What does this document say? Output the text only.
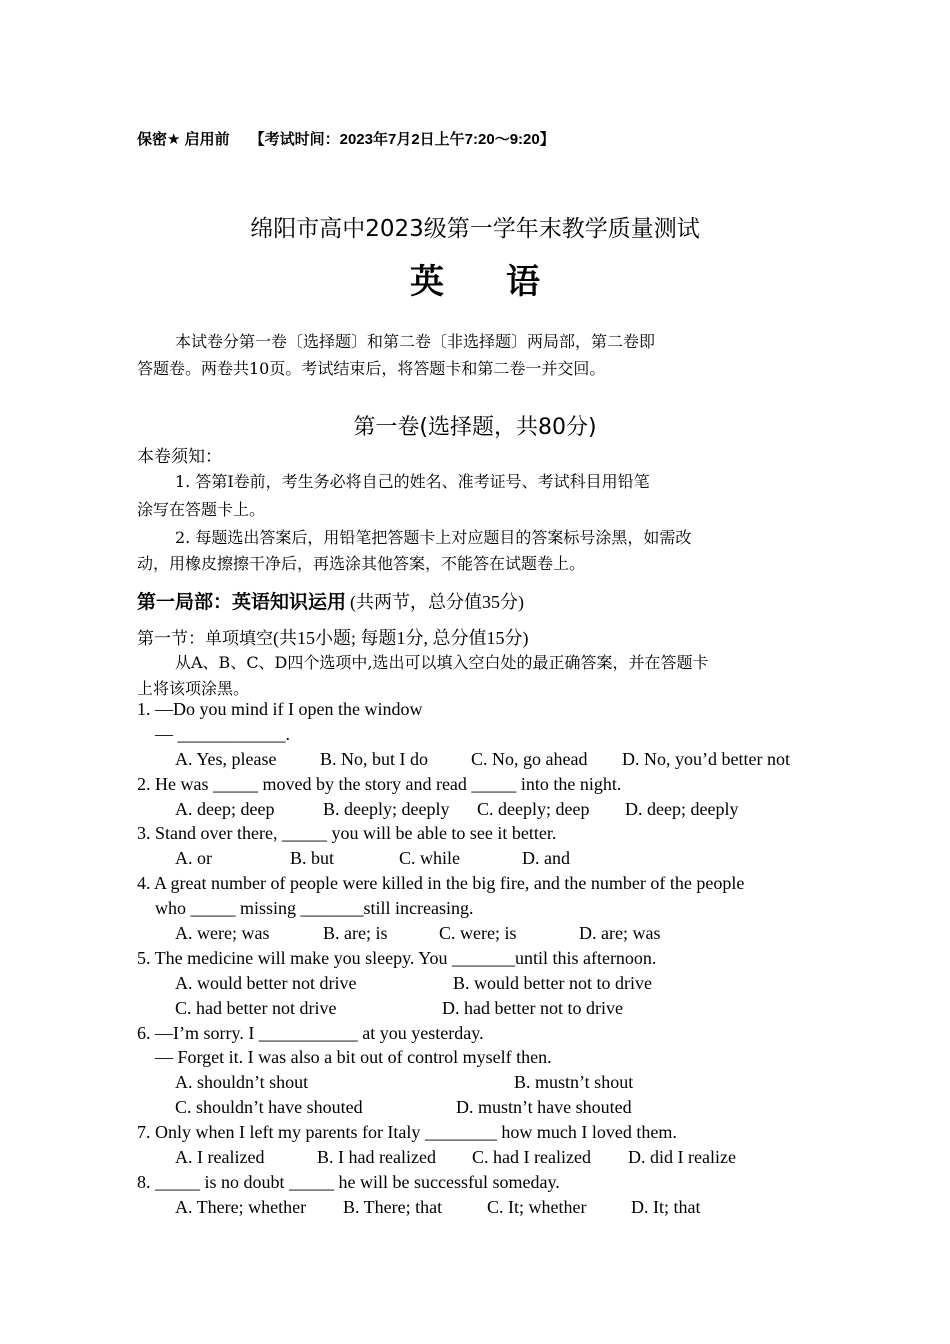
保密★ 启用前 【考试时间：2023年7月2日上午7:20～9:20】
绵阳市高中2023级第一学年末教学质量测试
英语
本试卷分第一卷〔选择题〕和第二卷〔非选择题〕两局部，第二卷即
答题卷。两卷共10页。考试结束后，将答题卡和第二卷一并交回。
第一卷(选择题，共80分)
本卷须知：
1. 答第I卷前，考生务必将自己的姓名、准考证号、考试科目用铅笔
涂写在答题卡上。
2. 每题选出答案后，用铅笔把答题卡上对应题目的答案标号涂黑，如需改
动，用橡皮擦擦干净后，再选涂其他答案，不能答在试题卷上。
第一局部：英语知识运用 (共两节，总分值35分)
第一节：单项填空(共15小题; 每题1分, 总分值15分)
从A、B、C、D四个选项中,选出可以填入空白处的最正确答案，并在答题卡
上将该项涂黑。
1. —Do you mind if I open the window
— ____________.
A. Yes, please B. No, but I do C. No, go ahead D. No, you’d better not
2. He was _____ moved by the story and read _____ into the night.
A. deep; deep	B. deeply; deeply C. deeply; deep D. deep; deeply
3. Stand over there, _____ you will be able to see it better.
A. or	B. but	C. while	D. and
4. A great number of people were killed in the big fire, and the number of the people
who _____ missing _______still increasing.
A. were; was	B. are; is	C. were; is	D. are; was
5. The medicine will make you sleepy. You _______until this afternoon.
A. would better not drive	B. would better not to drive
C. had better not drive	D. had better not to drive
6. —I’m sorry. I ___________ at you yesterday.
— Forget it. I was also a bit out of control myself then.
A. shouldn’t shout	B. mustn’t shout
C. shouldn’t have shouted	D. mustn’t have shouted
7. Only when I left my parents for Italy ________ how much I loved them.
A. I realized	B. I had realized C. had I realized D. did I realize
8. _____ is no doubt _____ he will be successful someday.
A. There; whether B. There; that C. It; whether D. It; that
